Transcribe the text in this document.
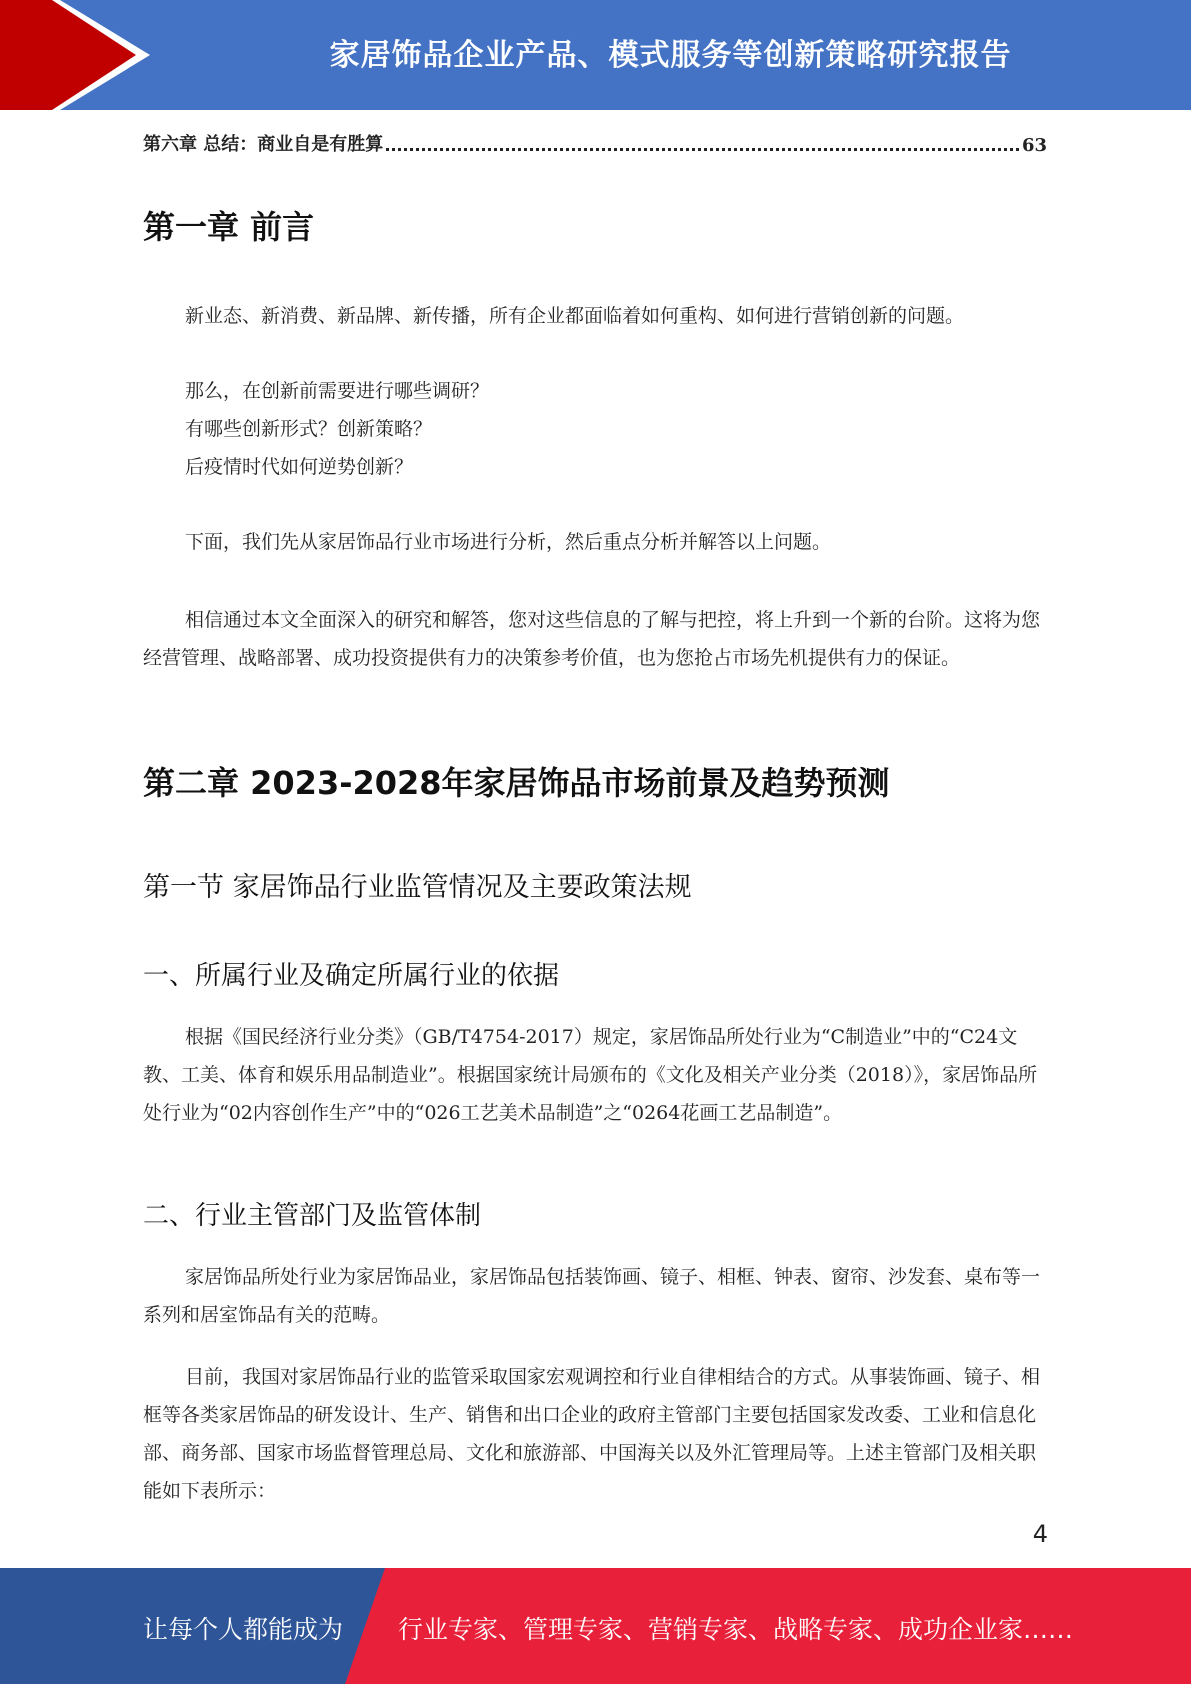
家居饰品企业产品、模式服务等创新策略研究报告
第六章 总结：商业自是有胜算	63
第一章 前言
新业态、新消费、新品牌、新传播，所有企业都面临着如何重构、如何进行营销创新的问题。
那么，在创新前需要进行哪些调研？
有哪些创新形式？创新策略？
后疫情时代如何逆势创新？
下面，我们先从家居饰品行业市场进行分析，然后重点分析并解答以上问题。

相信通过本文全面深入的研究和解答，您对这些信息的了解与把控，将上升到一个新的台阶。这将为您经营管理、战略部署、成功投资提供有力的决策参考价值，也为您抢占市场先机提供有力的保证。

第二章 2023-2028年家居饰品市场前景及趋势预测
第一节 家居饰品行业监管情况及主要政策法规
一、所属行业及确定所属行业的依据

根据《国民经济行业分类》（GB/T4754-2017）规定，家居饰品所处行业为“C制造业”中的“C24文教、工美、体育和娱乐用品制造业”。根据国家统计局颁布的《文化及相关产业分类（2018）》，家居饰品所处行业为“02内容创作生产”中的“026工艺美术品制造”之“0264花画工艺品制造”。

二、行业主管部门及监管体制

家居饰品所处行业为家居饰品业，家居饰品包括装饰画、镜子、相框、钟表、窗帘、沙发套、桌布等一系列和居室饰品有关的范畴。

目前，我国对家居饰品行业的监管采取国家宏观调控和行业自律相结合的方式。从事装饰画、镜子、相框等各类家居饰品的研发设计、生产、销售和出口企业的政府主管部门主要包括国家发改委、工业和信息化部、商务部、国家市场监督管理总局、文化和旅游部、中国海关以及外汇管理局等。上述主管部门及相关职能如下表所示：

4
让每个人都能成为 行业专家、管理专家、营销专家、战略专家、成功企业家……
